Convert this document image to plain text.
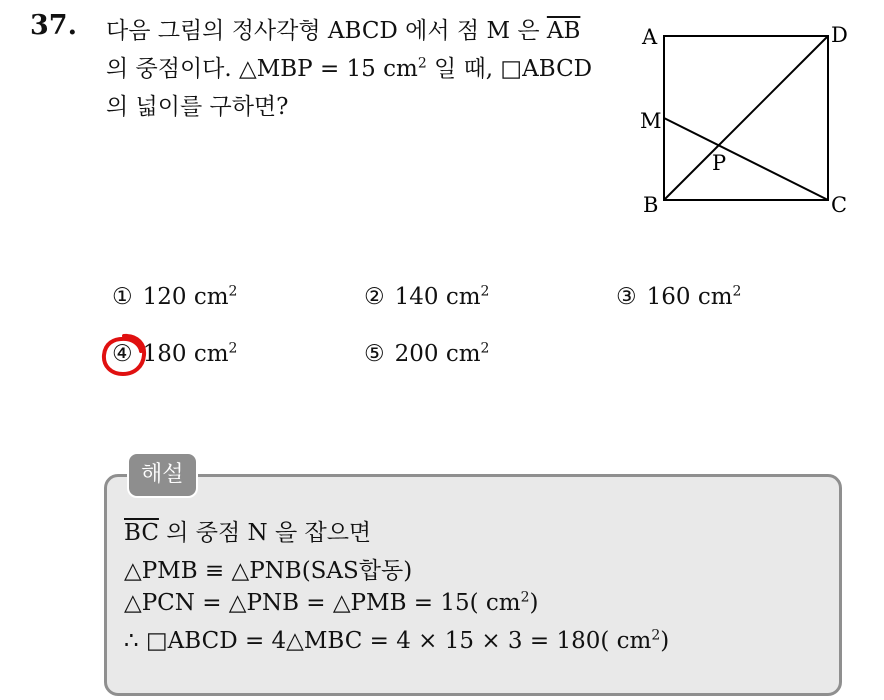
37. 다음 그림의 정사각형 ABCD 에서 점 M 은 $\overline{AB}$
의 중점이다. △MBP = 15 $cm^2$ 일 때, □ABCD
의 넓이를 구하면?
A	D
M
P
B	C
① 120 $cm^2$	② 140 $cm^2$	③ 160 $cm^2$
④ 180 $cm^2$	⑤ 200 $cm^2$
해설
$\overline{BC}$ 의 중점 N 을 잡으면
△PMB ≡ △PNB(SAS합동)
△PCN = △PNB = △PMB = 15( $cm^2$)
∴ □ABCD = 4△MBC = 4 × 15 × 3 = 180( $cm^2$)
